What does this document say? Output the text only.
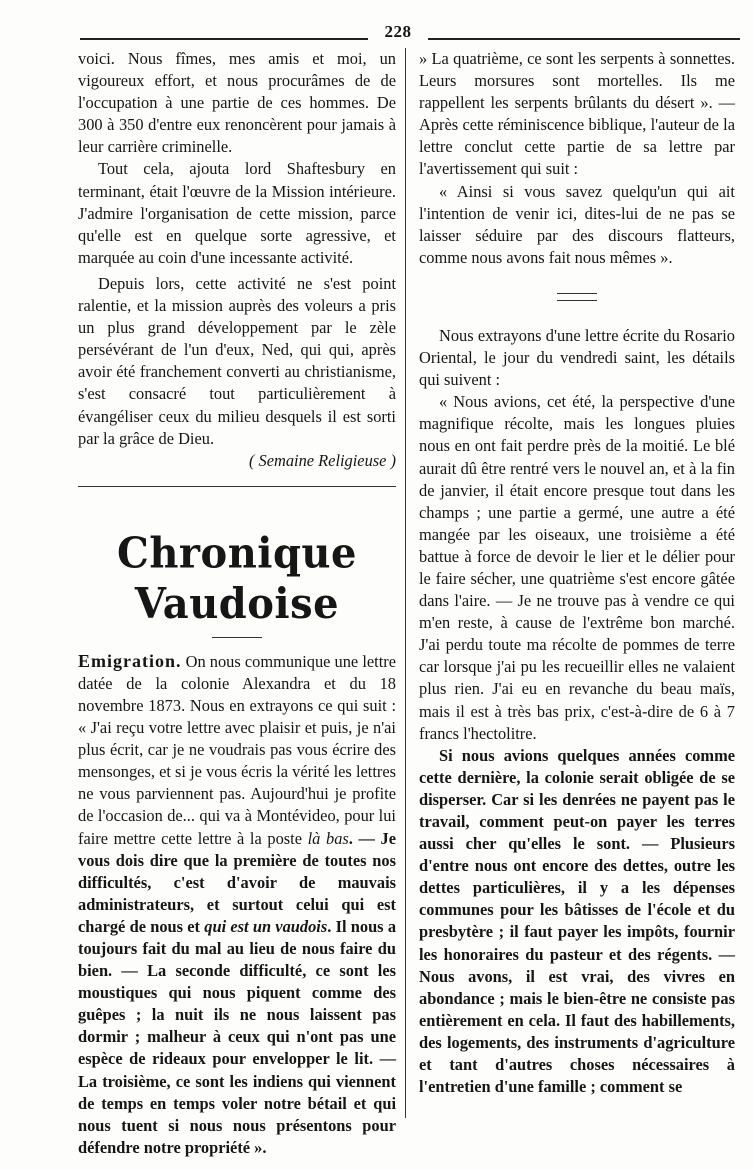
228

voici. Nous fîmes, mes amis et moi, un vigoureux effort, et nous procurâmes de de l'occupation à une partie de ces hommes. De 300 à 350 d'entre eux renoncèrent pour jamais à leur carrière criminelle.

Tout cela, ajouta lord Shaftesbury en terminant, était l'œuvre de la Mission intérieure. J'admire l'organisation de cette mission, parce qu'elle est en quelque sorte agressive, et marquée au coin d'une incessante activité.

Depuis lors, cette activité ne s'est point ralentie, et la mission auprès des voleurs a pris un plus grand développement par le zèle persévérant de l'un d'eux, Ned, qui qui, après avoir été franchement converti au christianisme, s'est consacré tout particulièrement à évangéliser ceux du milieu desquels il est sorti par la grâce de Dieu.

( Semaine Religieuse )

Chronique Vaudoise

Emigration. On nous communique une lettre datée de la colonie Alexandra et du 18 novembre 1873. Nous en extrayons ce qui suit : « J'ai reçu votre lettre avec plaisir et puis, je n'ai plus écrit, car je ne voudrais pas vous écrire des mensonges, et si je vous écris la vérité les lettres ne vous parviennent pas. Aujourd'hui je profite de l'occasion de... qui va à Montévideo, pour lui faire mettre cette lettre à la poste là bas. — Je vous dois dire que la première de toutes nos difficultés, c'est d'avoir de mauvais administrateurs, et surtout celui qui est chargé de nous et qui est un vaudois. Il nous a toujours fait du mal au lieu de nous faire du bien. — La seconde difficulté, ce sont les moustiques qui nous piquent comme des guêpes ; la nuit ils ne nous laissent pas dormir ; malheur à ceux qui n'ont pas une espèce de rideaux pour envelopper le lit. — La troisième, ce sont les indiens qui viennent de temps en temps voler notre bétail et qui nous tuent si nous nous présentons pour défendre notre propriété ».

» La quatrième, ce sont les serpents à sonnettes. Leurs morsures sont mortelles. Ils me rappellent les serpents brûlants du désert ». — Après cette réminiscence biblique, l'auteur de la lettre conclut cette partie de sa lettre par l'avertissement qui suit :

« Ainsi si vous savez quelqu'un qui ait l'intention de venir ici, dites-lui de ne pas se laisser séduire par des discours flatteurs, comme nous avons fait nous mêmes ».

Nous extrayons d'une lettre écrite du Rosario Oriental, le jour du vendredi saint, les détails qui suivent :

« Nous avions, cet été, la perspective d'une magnifique récolte, mais les longues pluies nous en ont fait perdre près de la moitié. Le blé aurait dû être rentré vers le nouvel an, et à la fin de janvier, il était encore presque tout dans les champs ; une partie a germé, une autre a été mangée par les oiseaux, une troisième a été battue à force de devoir le lier et le délier pour le faire sécher, une quatrième s'est encore gâtée dans l'aire. — Je ne trouve pas à vendre ce qui m'en reste, à cause de l'extrême bon marché. J'ai perdu toute ma récolte de pommes de terre car lorsque j'ai pu les recueillir elles ne valaient plus rien. J'ai eu en revanche du beau maïs, mais il est à très bas prix, c'est-à-dire de 6 à 7 francs l'hectolitre.

Si nous avions quelques années comme cette dernière, la colonie serait obligée de se disperser. Car si les denrées ne payent pas le travail, comment peut-on payer les terres aussi cher qu'elles le sont. — Plusieurs d'entre nous ont encore des dettes, outre les dettes particulières, il y a les dépenses communes pour les bâtisses de l'école et du presbytère ; il faut payer les impôts, fournir les honoraires du pasteur et des régents. — Nous avons, il est vrai, des vivres en abondance ; mais le bien-être ne consiste pas entièrement en cela. Il faut des habillements, des logements, des instruments d'agriculture et tant d'autres choses nécessaires à l'entretien d'une famille ; comment se
